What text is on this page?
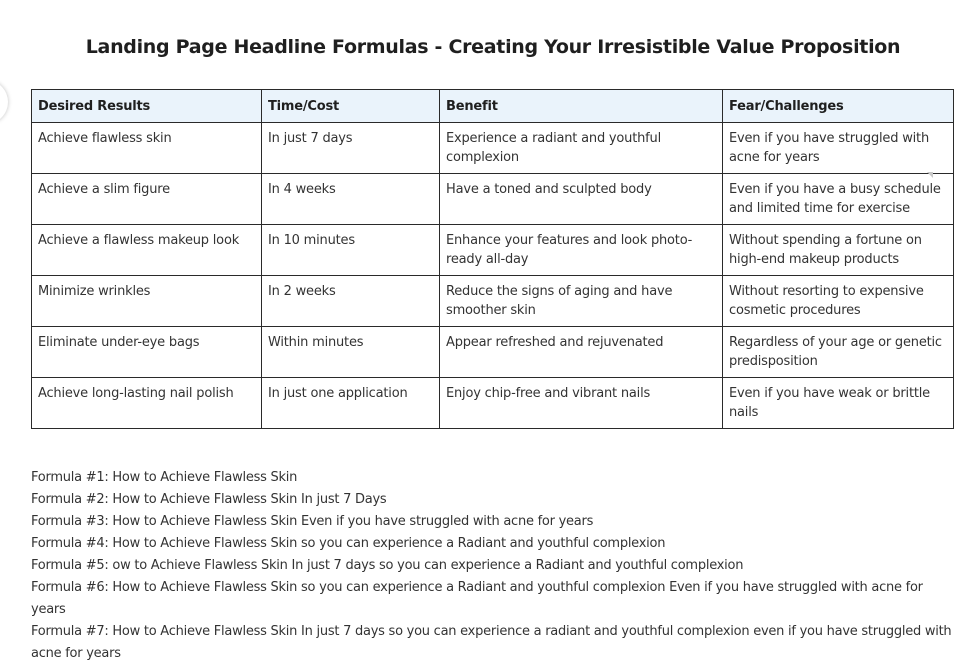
Landing Page Headline Formulas - Creating Your Irresistible Value Proposition
Desired Results	Time/Cost	Benefit	Fear/Challenges
Achieve flawless skin	In just 7 days	Experience a radiant and youthful complexion	Even if you have struggled with acne for years
Achieve a slim figure	In 4 weeks	Have a toned and sculpted body	Even if you have a busy schedule and limited time for exercise
Achieve a flawless makeup look	In 10 minutes	Enhance your features and look photo-ready all-day	Without spending a fortune on high-end makeup products
Minimize wrinkles	In 2 weeks	Reduce the signs of aging and have smoother skin	Without resorting to expensive cosmetic procedures
Eliminate under-eye bags	Within minutes	Appear refreshed and rejuvenated	Regardless of your age or genetic predisposition
Achieve long-lasting nail polish	In just one application	Enjoy chip-free and vibrant nails	Even if you have weak or brittle nails

Formula #1: How to Achieve Flawless Skin

Formula #2: How to Achieve Flawless Skin In just 7 Days

Formula #3: How to Achieve Flawless Skin Even if you have struggled with acne for years

Formula #4: How to Achieve Flawless Skin so you can experience a Radiant and youthful complexion

Formula #5: ow to Achieve Flawless Skin In just 7 days so you can experience a Radiant and youthful complexion

Formula #6: How to Achieve Flawless Skin so you can experience a Radiant and youthful complexion Even if you have struggled with acne for years

Formula #7: How to Achieve Flawless Skin In just 7 days so you can experience a radiant and youthful complexion even if you have struggled with acne for years
